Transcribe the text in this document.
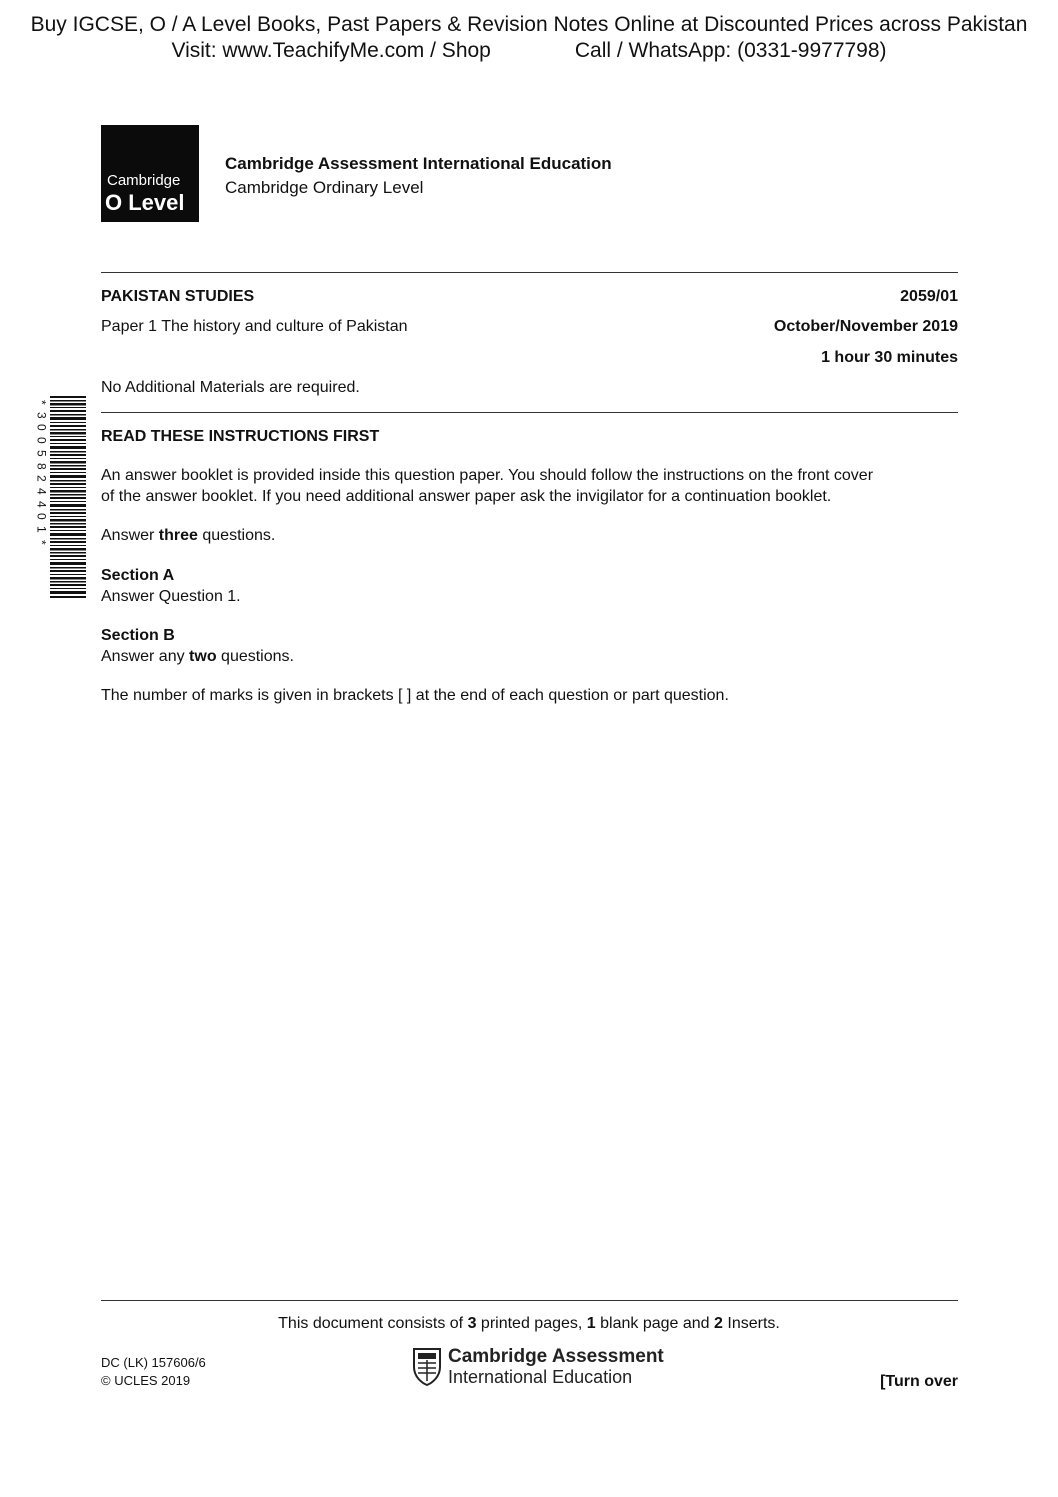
Buy IGCSE, O / A Level Books, Past Papers & Revision Notes Online at Discounted Prices across Pakistan
Visit: www.TeachifyMe.com / Shop	Call / WhatsApp: (0331-9977798)
Cambridge
O Level
Cambridge Assessment International Education
Cambridge Ordinary Level
PAKISTAN STUDIES	2059/01
Paper 1 The history and culture of Pakistan	October/November 2019
1 hour 30 minutes
No Additional Materials are required.
*
3
0
0
5
8
2
4
4
0
1
*
READ THESE INSTRUCTIONS FIRST
An answer booklet is provided inside this question paper. You should follow the instructions on the front cover
of the answer booklet. If you need additional answer paper ask the invigilator for a continuation booklet.
Answer three questions.
Section A
Answer Question 1.
Section B
Answer any two questions.
The number of marks is given in brackets [ ] at the end of each question or part question.
This document consists of 3 printed pages, 1 blank page and 2 Inserts.
DC (LK) 157606/6
© UCLES 2019
Cambridge Assessment
International Education	[Turn over
